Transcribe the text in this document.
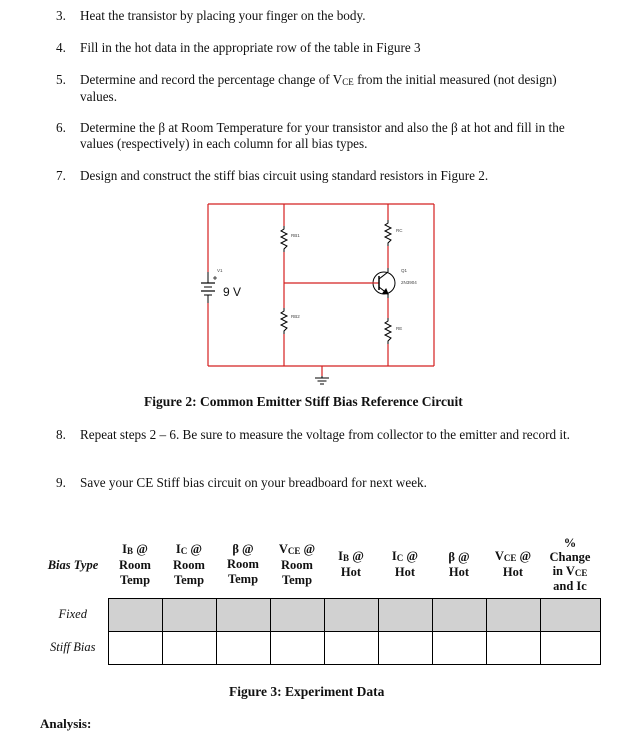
3.	Heat the transistor by placing your finger on the body.
4.	Fill in the hot data in the appropriate row of the table in Figure 3
5.	Determine and record the percentage change of $V_{CE}$ from the initial measured (not design) values.
6.	Determine the β at Room Temperature for your transistor and also the β at hot and fill in the values (respectively) in each column for all bias types.
7.	Design and construct the stiff bias circuit using standard resistors in Figure 2.
V1
9 V
RB1
RB2
RC
RE
Q1
2N3904
Figure 2: Common Emitter Stiff Bias Reference Circuit
8.	Repeat steps 2 – 6. Be sure to measure the voltage from collector to the emitter and record it.
9.	Save your CE Stiff bias circuit on your breadboard for next week.
Bias Type	$I_B$ @
Room
Temp	$I_C$ @
Room
Temp	β @
Room
Temp	$V_{CE}$ @
Room
Temp	$I_B$ @
Hot	$I_C$ @
Hot	β @
Hot	$V_{CE}$ @
Hot	%
Change
in $V_{CE}$
and Ic
Fixed									
Stiff Bias									
Figure 3: Experiment Data
Analysis:
